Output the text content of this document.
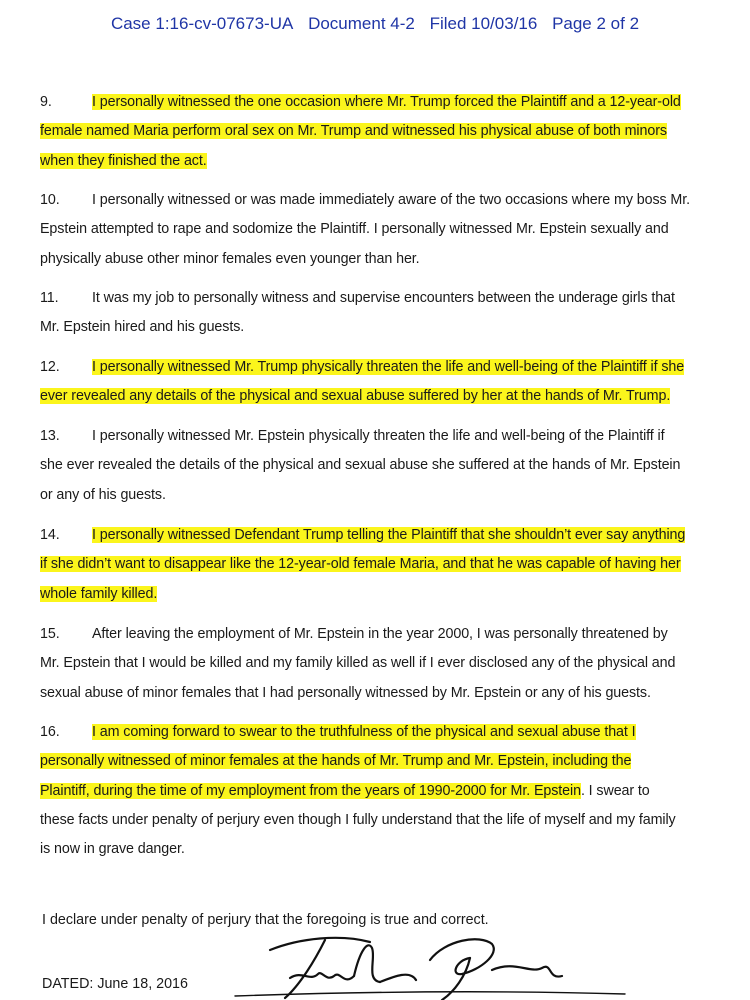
Case 1:16-cv-07673-UA Document 4-2 Filed 10/03/16 Page 2 of 2
9.	I personally witnessed the one occasion where Mr. Trump forced the Plaintiff and a 12-year-old
female named Maria perform oral sex on Mr. Trump and witnessed his physical abuse of both minors
when they finished the act.
10. I personally witnessed or was made immediately aware of the two occasions where my boss Mr.
Epstein attempted to rape and sodomize the Plaintiff. I personally witnessed Mr. Epstein sexually and
physically abuse other minor females even younger than her.
11. It was my job to personally witness and supervise encounters between the underage girls that
Mr. Epstein hired and his guests.
12. I personally witnessed Mr. Trump physically threaten the life and well-being of the Plaintiff if she
ever revealed any details of the physical and sexual abuse suffered by her at the hands of Mr. Trump.
13. I personally witnessed Mr. Epstein physically threaten the life and well-being of the Plaintiff if
she ever revealed the details of the physical and sexual abuse she suffered at the hands of Mr. Epstein
or any of his guests.
14. I personally witnessed Defendant Trump telling the Plaintiff that she shouldn’t ever say anything
if she didn’t want to disappear like the 12-year-old female Maria, and that he was capable of having her
whole family killed.
15. After leaving the employment of Mr. Epstein in the year 2000, I was personally threatened by
Mr. Epstein that I would be killed and my family killed as well if I ever disclosed any of the physical and
sexual abuse of minor females that I had personally witnessed by Mr. Epstein or any of his guests.
16. I am coming forward to swear to the truthfulness of the physical and sexual abuse that I
personally witnessed of minor females at the hands of Mr. Trump and Mr. Epstein, including the
Plaintiff, during the time of my employment from the years of 1990-2000 for Mr. Epstein. I swear to
these facts under penalty of perjury even though I fully understand that the life of myself and my family
is now in grave danger.
I declare under penalty of perjury that the foregoing is true and correct.
DATED: June 18, 2016
